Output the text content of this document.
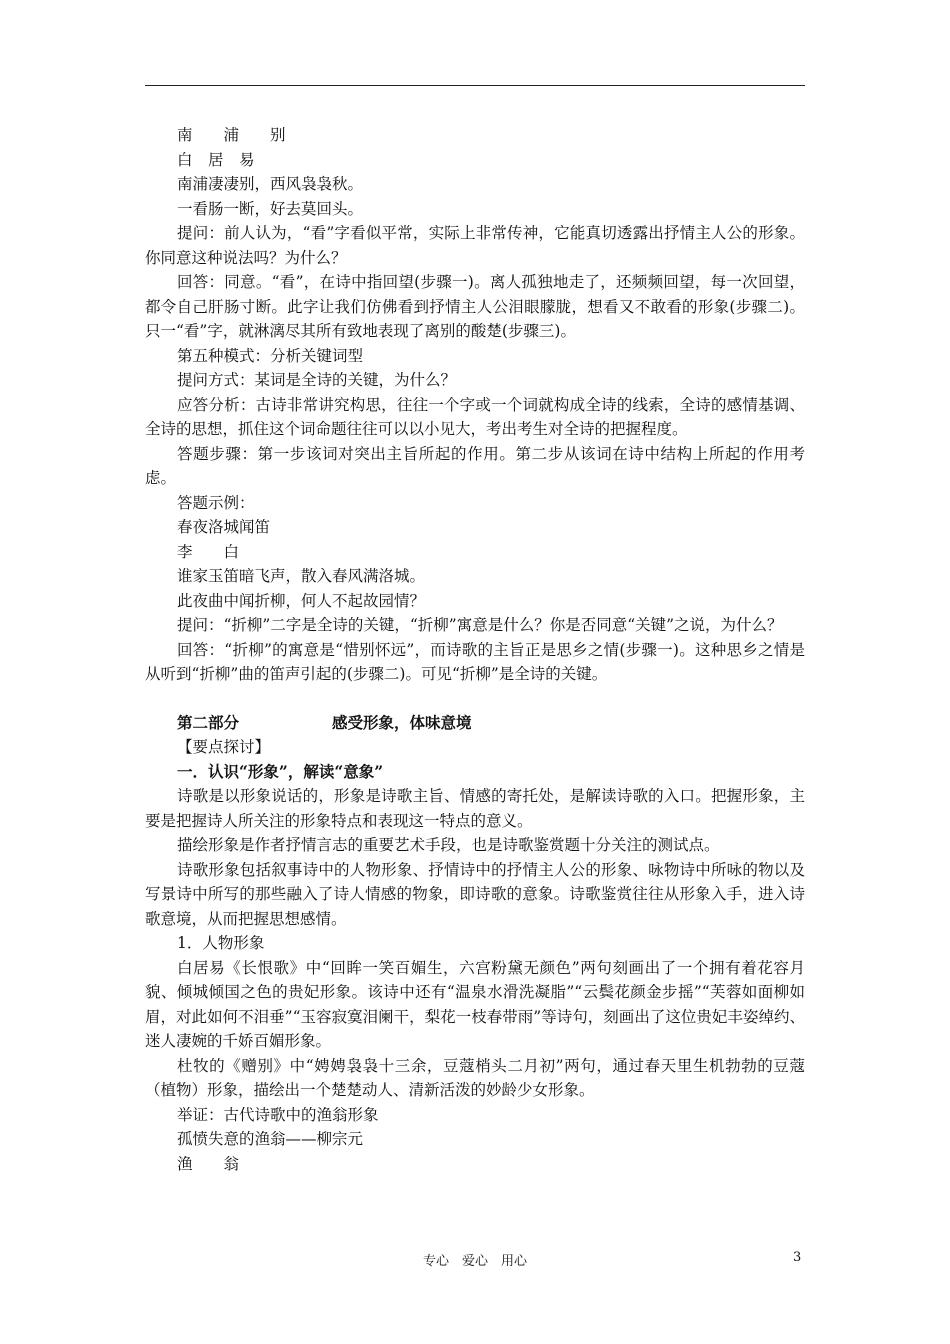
南　　浦　　别

白　居　易

南浦凄凄别，西风袅袅秋。

一看肠一断，好去莫回头。

提问：前人认为，“看”字看似平常，实际上非常传神，它能真切透露出抒情主人公的形象。你同意这种说法吗？为什么？

回答：同意。“看”，在诗中指回望(步骤一)。离人孤独地走了，还频频回望，每一次回望，都令自己肝肠寸断。此字让我们仿佛看到抒情主人公泪眼朦胧，想看又不敢看的形象(步骤二)。只一“看”字，就淋漓尽其所有致地表现了离别的酸楚(步骤三)。

第五种模式：分析关键词型

提问方式：某词是全诗的关键，为什么？

应答分析：古诗非常讲究构思，往往一个字或一个词就构成全诗的线索，全诗的感情基调、全诗的思想，抓住这个词命题往往可以以小见大，考出考生对全诗的把握程度。

答题步骤：第一步该词对突出主旨所起的作用。第二步从该词在诗中结构上所起的作用考虑。

答题示例：

春夜洛城闻笛

李　　白

谁家玉笛暗飞声，散入春风满洛城。

此夜曲中闻折柳，何人不起故园情？

提问：“折柳”二字是全诗的关键，“折柳”寓意是什么？你是否同意“关键”之说，为什么？

回答：“折柳”的寓意是“惜别怀远”，而诗歌的主旨正是思乡之情(步骤一)。这种思乡之情是从听到“折柳”曲的笛声引起的(步骤二)。可见“折柳”是全诗的关键。

第二部分　　　　　　感受形象，体味意境

【要点探讨】

一．认识“形象”，解读“意象”

诗歌是以形象说话的，形象是诗歌主旨、情感的寄托处，是解读诗歌的入口。把握形象，主要是把握诗人所关注的形象特点和表现这一特点的意义。

描绘形象是作者抒情言志的重要艺术手段，也是诗歌鉴赏题十分关注的测试点。

诗歌形象包括叙事诗中的人物形象、抒情诗中的抒情主人公的形象、咏物诗中所咏的物以及写景诗中所写的那些融入了诗人情感的物象，即诗歌的意象。诗歌鉴赏往往从形象入手，进入诗歌意境，从而把握思想感情。

1．人物形象

白居易《长恨歌》中“回眸一笑百媚生，六宫粉黛无颜色”两句刻画出了一个拥有着花容月貌、倾城倾国之色的贵妃形象。该诗中还有“温泉水滑洗凝脂”“云鬓花颜金步摇”“芙蓉如面柳如眉，对此如何不泪垂”“玉容寂寞泪阑干，梨花一枝春带雨”等诗句，刻画出了这位贵妃丰姿绰约、迷人凄婉的千娇百媚形象。

杜牧的《赠别》中“娉娉袅袅十三余，豆蔻梢头二月初”两句，通过春天里生机勃勃的豆蔻（植物）形象，描绘出一个楚楚动人、清新活泼的妙龄少女形象。

举证：古代诗歌中的渔翁形象

孤愤失意的渔翁——柳宗元

渔　　翁

专心　爱心　用心	3
